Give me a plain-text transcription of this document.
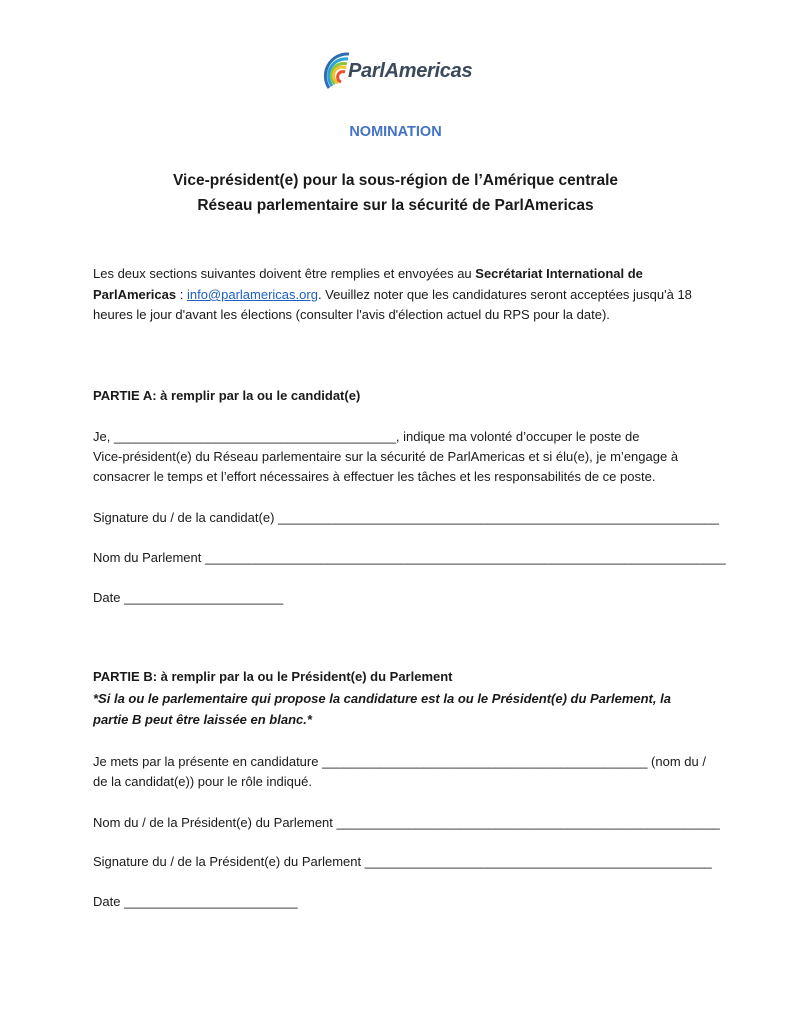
ParlAmericas
NOMINATION
Vice-président(e) pour la sous-région de l’Amérique centrale
Réseau parlementaire sur la sécurité de ParlAmericas
Les deux sections suivantes doivent être remplies et envoyées au Secrétariat International de
ParlAmericas : info@parlamericas.org. Veuillez noter que les candidatures seront acceptées jusqu'à 18
heures le jour d'avant les élections (consulter l'avis d'élection actuel du RPS pour la date).
PARTIE A: à remplir par la ou le candidat(e)
Je, _______________________________________, indique ma volonté d’occuper le poste de
Vice-président(e) du Réseau parlementaire sur la sécurité de ParlAmericas et si élu(e), je m’engage à
consacrer le temps et l’effort nécessaires à effectuer les tâches et les responsabilités de ce poste.
Signature du / de la candidat(e) _____________________________________________________________
Nom du Parlement ________________________________________________________________________
Date ______________________
PARTIE B: à remplir par la ou le Président(e) du Parlement
*Si la ou le parlementaire qui propose la candidature est la ou le Président(e) du Parlement, la
partie B peut être laissée en blanc.*
Je mets par la présente en candidature _____________________________________________ (nom du /
de la candidat(e)) pour le rôle indiqué.
Nom du / de la Président(e) du Parlement _____________________________________________________
Signature du / de la Président(e) du Parlement ________________________________________________
Date ________________________
